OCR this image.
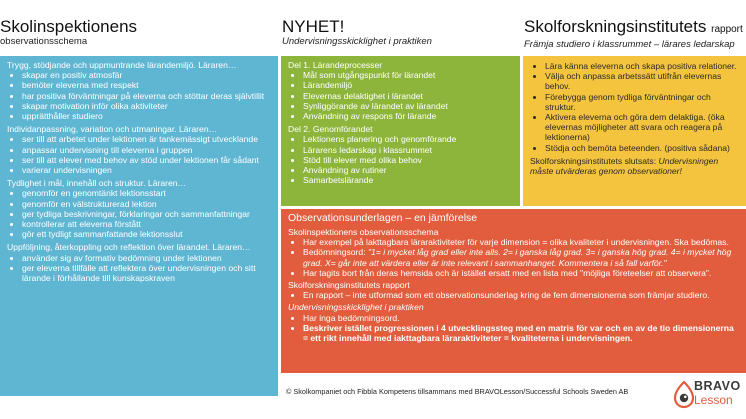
Skolinspektionens
observationsschema
NYHET!
Undervisningsskicklighet i praktiken
Skolforskningsinstitutets rapport
Främja studiero i klassrummet – lärares ledarskap

Trygg, stödjande och uppmuntrande lärandemiljö. Läraren…

• skapar en positiv atmosfär
• bemöter eleverna med respekt
• har positiva förväntningar på eleverna och stöttar deras självtillit
• skapar motivation inför olika aktiviteter
• upprätthåller studiero

Individanpassning, variation och utmaningar. Läraren…

• ser till att arbetet under lektionen är tankemässigt utvecklande
• anpassar undervisning till eleverna i gruppen
• ser till att elever med behov av stöd under lektionen får sådant
• varierar undervisningen

Tydlighet i mål, innehåll och struktur. Läraren…

• genomför en genomtänkt lektionsstart
• genomför en välstrukturerad lektion
• ger tydliga beskrivningar, förklaringar och sammanfattningar
• kontrollerar att eleverna förstått
• gör ett tydligt sammanfattande lektionsslut

Uppföljning, återkoppling och reflektion över lärandet. Läraren…

• använder sig av formativ bedömning under lektionen
• ger eleverna tillfälle att reflektera över undervisningen och sitt lärande i förhållande till kunskapskraven

Del 1. Lärandeprocesser

• Mål som utgångspunkt för lärandet
• Lärandemiljö
• Elevernas delaktighet i lärandet
• Synliggörande av lärandet av lärandet
• Användning av respons för lärande

Del 2. Genomförandet

• Lektionens planering och genomförande
• Lärarens ledarskap i klassrummet
• Stöd till elever med olika behov
• Användning av rutiner
• Samarbetslärande
• Lära känna eleverna och skapa positiva relationer.
• Välja och anpassa arbetssätt utifrån elevernas behov.
• Förebygga genom tydliga förväntningar och struktur.
• Aktivera eleverna och göra dem delaktiga. (öka elevernas möjligheter att svara och reagera på lektionerna)
• Stödja och bemöta beteenden. (positiva sådana)

Skolforskningsinstitutets slutsats: Undervisningen måste utvärderas genom observationer!

Observationsunderlagen – en jämförelse

Skolinspektionens observationsschema

• Har exempel på lakttagbara läraraktiviteter för varje dimension = olika kvaliteter i undervisningen. Ska bedömas.
• Bedömningsord: "1= i mycket låg grad eller inte alls. 2= i ganska låg grad. 3= i ganska hög grad. 4= i mycket hög grad. X= går inte att värdera eller är inte relevant i sammanhanget. Kommentera i så fall varför."
• Har tagits bort från deras hemsida och är istället ersatt med en lista med "möjliga företeelser att observera".

Skolforskningsinstitutets rapport

• En rapport – inte utformad som ett observationsunderlag kring de fem dimensionerna som främjar studiero.

Undervisningsskicklighet i praktiken

• Har inga bedömningsord.
• Beskriver istället progressionen i 4 utvecklingssteg med en matris för var och en av de tio dimensionerna = ett rikt innehåll med iakttagbara läraraktiviteter = kvaliteterna i undervisningen.
© Skolkompaniet och Fibbla Kompetens tillsammans med BRAVOLesson/Successful Schools Sweden AB	BRAVO
Lesson
